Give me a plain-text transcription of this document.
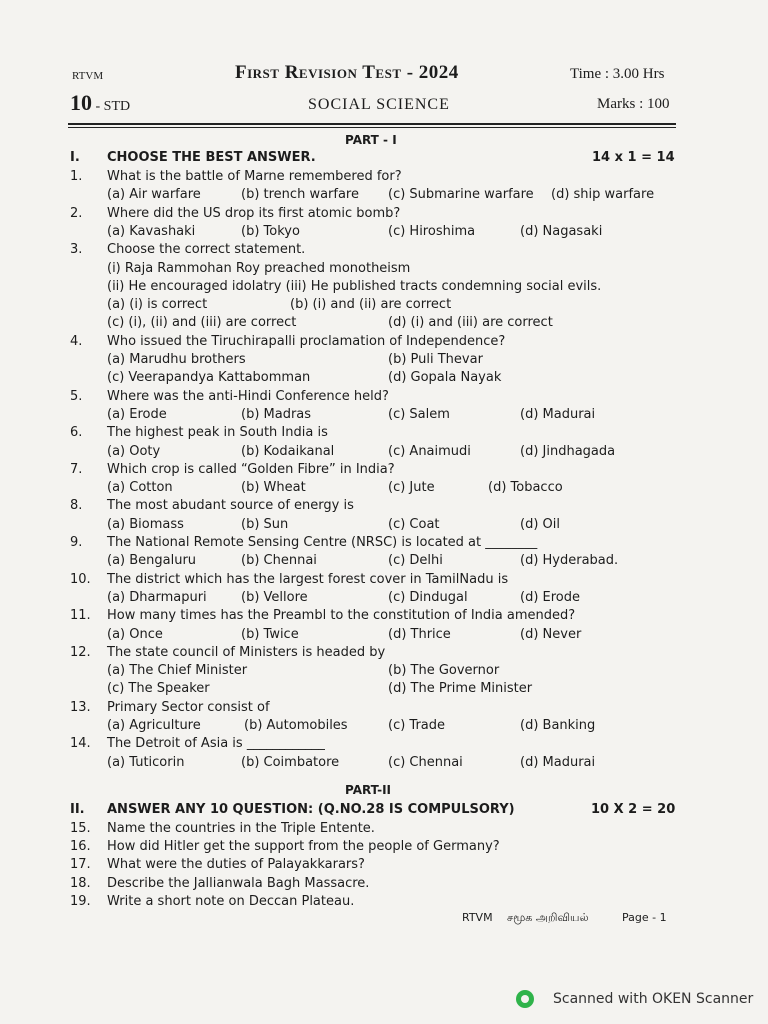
RTVM	First Revision Test - 2024	Time : 3.00 Hrs
10 - STD	SOCIAL SCIENCE	Marks : 100
PART - I
I. CHOOSE THE BEST ANSWER.	14 x 1 = 14
1. What is the battle of Marne remembered for?
(a) Air warfare	(b) trench warfare (c) Submarine warfare (d) ship warfare
2. Where did the US drop its first atomic bomb?
(a) Kavashaki	(b) Tokyo	(c) Hiroshima	(d) Nagasaki
3. Choose the correct statement.
(i) Raja Rammohan Roy preached monotheism
(ii) He encouraged idolatry (iii) He published tracts condemning social evils.
(a) (i) is correct	(b) (i) and (ii) are correct
(c) (i), (ii) and (iii) are correct	(d) (i) and (iii) are correct
4. Who issued the Tiruchirapalli proclamation of Independence?
(a) Marudhu brothers	(b) Puli Thevar
(c) Veerapandya Kattabomman	(d) Gopala Nayak
5. Where was the anti-Hindi Conference held?
(a) Erode	(b) Madras	(c) Salem	(d) Madurai
6. The highest peak in South India is
(a) Ooty	(b) Kodaikanal	(c) Anaimudi	(d) Jindhagada
7. Which crop is called “Golden Fibre” in India?
(a) Cotton	(b) Wheat	(c) Jute	(d) Tobacco
8. The most abudant source of energy is
(a) Biomass	(b) Sun	(c) Coat	(d) Oil
9. The National Remote Sensing Centre (NRSC) is located at ________
(a) Bengaluru	(b) Chennai	(c) Delhi	(d) Hyderabad.
10. The district which has the largest forest cover in TamilNadu is
(a) Dharmapuri	(b) Vellore	(c) Dindugal	(d) Erode
11. How many times has the Preambl to the constitution of India amended?
(a) Once	(b) Twice	(d) Thrice	(d) Never
12. The state council of Ministers is headed by
(a) The Chief Minister	(b) The Governor
(c) The Speaker	(d) The Prime Minister
13. Primary Sector consist of
(a) Agriculture	(b) Automobiles	(c) Trade	(d) Banking
14. The Detroit of Asia is ____________
(a) Tuticorin	(b) Coimbatore	(c) Chennai	(d) Madurai
PART-II
II. ANSWER ANY 10 QUESTION: (Q.NO.28 IS COMPULSORY)	10 X 2 = 20
15. Name the countries in the Triple Entente.
16. How did Hitler get the support from the people of Germany?
17. What were the duties of Palayakkarars?
18. Describe the Jallianwala Bagh Massacre.
19. Write a short note on Deccan Plateau.
RTVM சமூக அறிவியல்	Page - 1
Scanned with OKEN Scanner
